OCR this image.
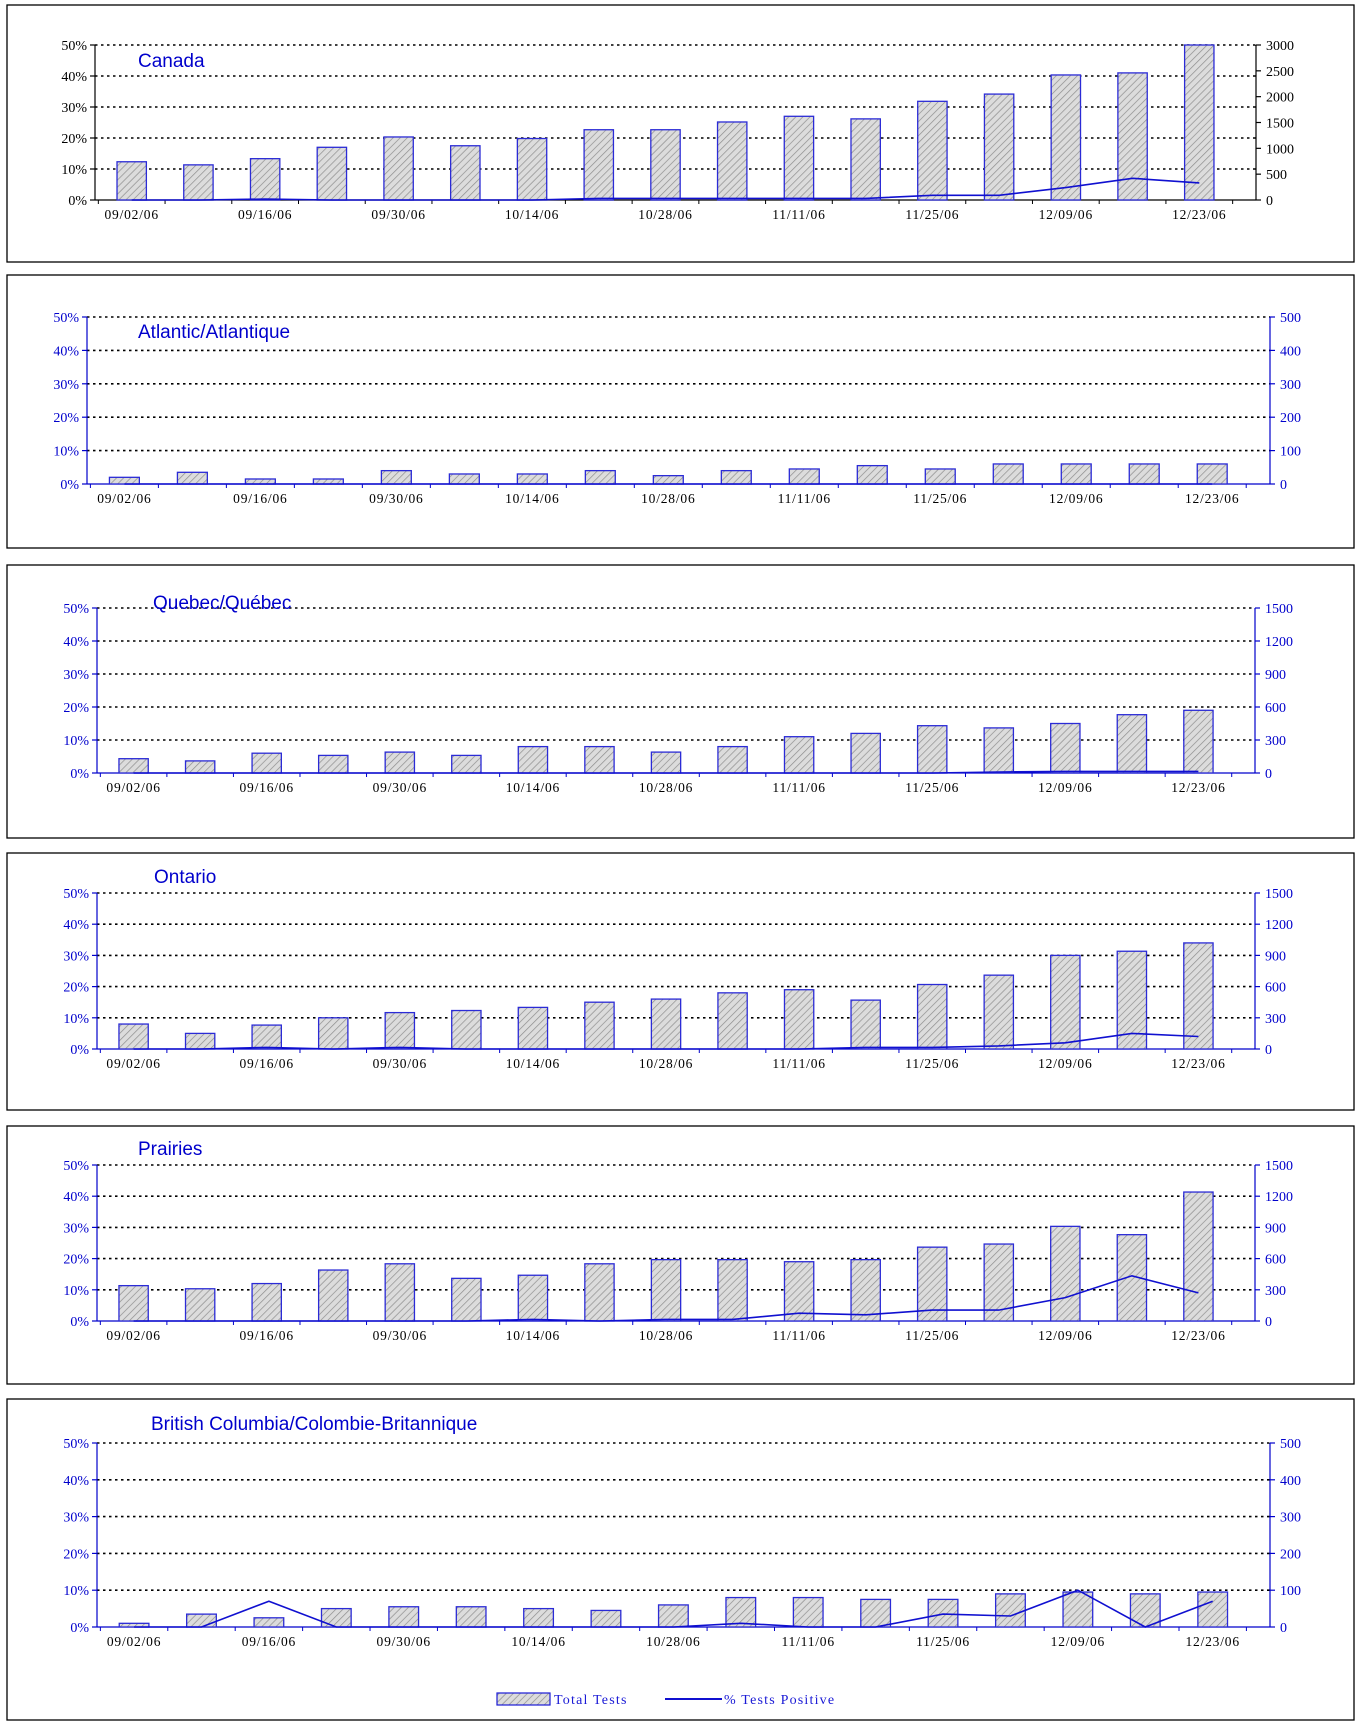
0%
10%
20%
30%
40%
50%
0
500
1000
1500
2000
2500
3000
09/02/06	09/16/06	09/30/06	10/14/06	10/28/06	11/11/06	11/25/06	12/09/06	12/23/06
Canada
0%
10%
20%
30%
40%
50%
0
100
200
300
400
500
09/02/06	09/16/06	09/30/06	10/14/06	10/28/06	11/11/06	11/25/06	12/09/06	12/23/06
Atlantic/Atlantique
0%
10%
20%
30%
40%
50%
0
300
600
900
1200
1500
09/02/06	09/16/06	09/30/06	10/14/06	10/28/06	11/11/06	11/25/06	12/09/06	12/23/06
Quebec/Québec
0%
10%
20%
30%
40%
50%
0
300
600
900
1200
1500
09/02/06	09/16/06	09/30/06	10/14/06	10/28/06	11/11/06	11/25/06	12/09/06	12/23/06
Ontario
0%
10%
20%
30%
40%
50%
0
300
600
900
1200
1500
09/02/06	09/16/06	09/30/06	10/14/06	10/28/06	11/11/06	11/25/06	12/09/06	12/23/06
Prairies
0%
10%
20%
30%
40%
50%
0
100
200
300
400
500
09/02/06	09/16/06	09/30/06	10/14/06	10/28/06	11/11/06	11/25/06	12/09/06	12/23/06
British Columbia/Colombie-Britannique
Total Tests	% Tests Positive
